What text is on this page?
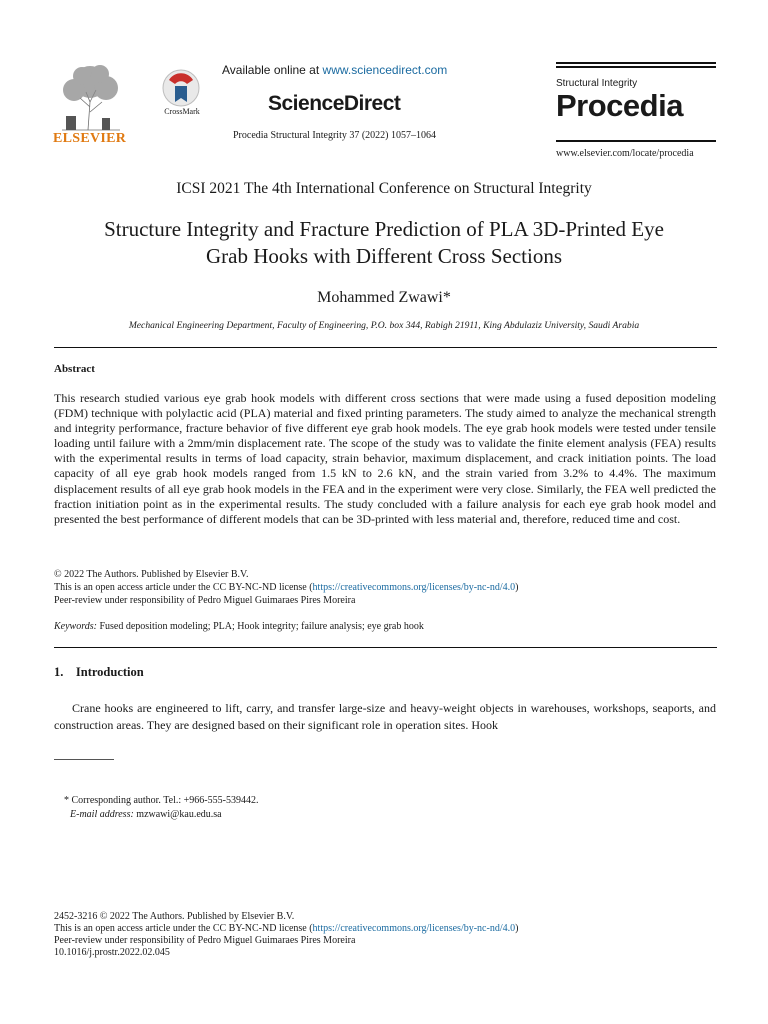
ELSEVIER
CrossMark
Available online at www.sciencedirect.com
ScienceDirect
Procedia Structural Integrity 37 (2022) 1057–1064
Structural Integrity
Procedia
www.elsevier.com/locate/procedia
ICSI 2021 The 4th International Conference on Structural Integrity
Structure Integrity and Fracture Prediction of PLA 3D-Printed Eye
Grab Hooks with Different Cross Sections
Mohammed Zwawi*
Mechanical Engineering Department, Faculty of Engineering, P.O. box 344, Rabigh 21911, King Abdulaziz University, Saudi Arabia
Abstract
This research studied various eye grab hook models with different cross sections that were made using a fused deposition modeling (FDM) technique with polylactic acid (PLA) material and fixed printing parameters. The study aimed to analyze the mechanical strength and integrity performance, fracture behavior of five different eye grab hook models. The eye grab hook models were tested under tensile loading until failure with a 2mm/min displacement rate. The scope of the study was to validate the finite element analysis (FEA) results with the experimental results in terms of load capacity, strain behavior, maximum displacement, and crack initiation points. The load capacity of all eye grab hook models ranged from 1.5 kN to 2.6 kN, and the strain varied from 3.2% to 4.4%. The maximum displacement results of all eye grab hook models in the FEA and in the experiment were very close. Similarly, the FEA well predicted the fraction initiation point as in the experimental results. The study concluded with a failure analysis for each eye grab hook model and presented the best performance of different models that can be 3D-printed with less material and, therefore, reduced time and cost.
© 2022 The Authors. Published by Elsevier B.V.
This is an open access article under the CC BY-NC-ND license (https://creativecommons.org/licenses/by-nc-nd/4.0)
Peer-review under responsibility of Pedro Miguel Guimaraes Pires Moreira
Keywords: Fused deposition modeling; PLA; Hook integrity; failure analysis; eye grab hook
1.    Introduction
Crane hooks are engineered to lift, carry, and transfer large-size and heavy-weight objects in warehouses, workshops, seaports, and construction areas. They are designed based on their significant role in operation sites. Hook
* Corresponding author. Tel.: +966-555-539442.
E-mail address: mzwawi@kau.edu.sa
2452-3216 © 2022 The Authors. Published by Elsevier B.V.
This is an open access article under the CC BY-NC-ND license (https://creativecommons.org/licenses/by-nc-nd/4.0)
Peer-review under responsibility of Pedro Miguel Guimaraes Pires Moreira
10.1016/j.prostr.2022.02.045
